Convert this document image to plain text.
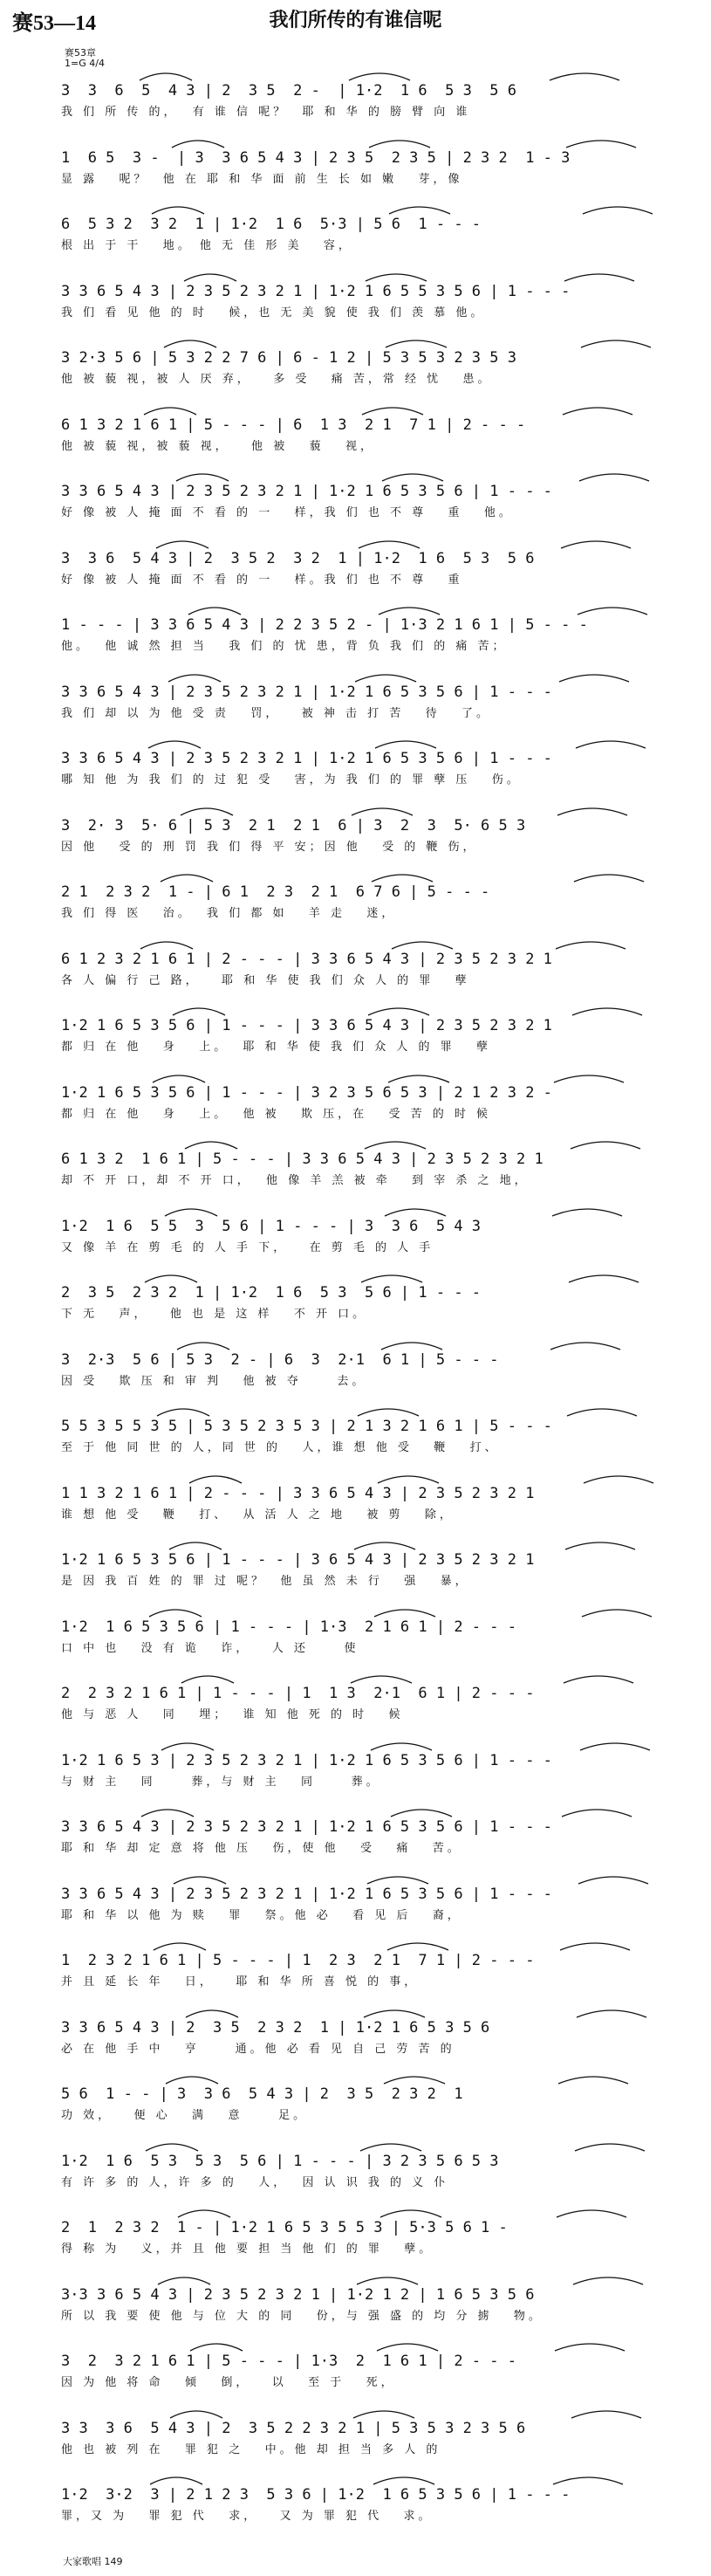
赛53—14	我们所传的有谁信呢
赛53章
1=G 4/4
3  3  6  5  4 3 | 2  3 5  2 -  | 1·2  1 6  5 3  5 6
我 们 所 传 的，  有 谁 信 呢？  耶 和 华 的 膀 臂 向 谁
1  6 5  3 -  | 3  3 6 5 4 3 | 2 3 5  2 3 5 | 2 3 2  1 - 3
显 露   呢？  他 在 耶 和 华 面 前 生 长 如 嫩   芽，像
6  5 3 2  3 2  1 | 1·2  1 6  5·3 | 5 6  1 - - -
根 出 于 干   地。 他 无 佳 形 美   容，
3 3 6 5 4 3 | 2 3 5 2 3 2 1 | 1·2 1 6 5 5 3 5 6 | 1 - - -
我 们 看 见 他 的 时   候，也 无 美 貌 使 我 们 羡 慕 他。
3 2·3 5 6 | 5 3 2 2 7 6 | 6 - 1 2 | 5 3 5 3 2 3 5 3
他 被 藐 视，被 人 厌 弃，   多 受   痛 苦，常 经 忧   患。
6 1 3 2 1 6 1 | 5 - - - | 6  1 3  2 1  7 1 | 2 - - -
他 被 藐 视，被 藐 视，   他 被   藐   视，
3 3 6 5 4 3 | 2 3 5 2 3 2 1 | 1·2 1 6 5 3 5 6 | 1 - - -
好 像 被 人 掩 面 不 看 的 一   样，我 们 也 不 尊   重   他。
3  3 6  5 4 3 | 2  3 5 2  3 2  1 | 1·2  1 6  5 3  5 6
好 像 被 人 掩 面 不 看 的 一   样。我 们 也 不 尊   重
1 - - - | 3 3 6 5 4 3 | 2 2 3 5 2 - | 1·3 2 1 6 1 | 5 - - -
他。  他 诚 然 担 当   我 们 的 忧 患，背 负 我 们 的 痛 苦；
3 3 6 5 4 3 | 2 3 5 2 3 2 1 | 1·2 1 6 5 3 5 6 | 1 - - -
我 们 却 以 为 他 受 责   罚，   被 神 击 打 苦   待   了。
3 3 6 5 4 3 | 2 3 5 2 3 2 1 | 1·2 1 6 5 3 5 6 | 1 - - -
哪 知 他 为 我 们 的 过 犯 受   害，为 我 们 的 罪 孽 压   伤。
3  2· 3  5· 6 | 5 3  2 1  2 1  6 | 3  2  3  5· 6 5 3
因 他   受 的 刑 罚 我 们 得 平 安；因 他   受 的 鞭 伤，
2 1  2 3 2  1 - | 6 1  2 3  2 1  6 7 6 | 5 - - -
我 们 得 医   治。  我 们 都 如   羊 走   迷，
6 1 2 3 2 1 6 1 | 2 - - - | 3 3 6 5 4 3 | 2 3 5 2 3 2 1
各 人 偏 行 己 路，   耶 和 华 使 我 们 众 人 的 罪   孽
1·2 1 6 5 3 5 6 | 1 - - - | 3 3 6 5 4 3 | 2 3 5 2 3 2 1
都 归 在 他   身   上。  耶 和 华 使 我 们 众 人 的 罪   孽
1·2 1 6 5 3 5 6 | 1 - - - | 3 2 3 5 6 5 3 | 2 1 2 3 2 -
都 归 在 他   身   上。  他 被   欺 压，在   受 苦 的 时 候
6 1 3 2  1 6 1 | 5 - - - | 3 3 6 5 4 3 | 2 3 5 2 3 2 1
却 不 开 口，却 不 开 口，  他 像 羊 羔 被 牵   到 宰 杀 之 地，
1·2  1 6  5 5  3  5 6 | 1 - - - | 3  3 6  5 4 3
又 像 羊 在 剪 毛 的 人 手 下，   在 剪 毛 的 人 手
2  3 5  2 3 2  1 | 1·2  1 6  5 3  5 6 | 1 - - -
下 无   声，   他 也 是 这 样   不 开 口。
3  2·3  5 6 | 5 3  2 - | 6  3  2·1  6 1 | 5 - - -
因 受   欺 压 和 审 判   他 被 夺     去。
5 5 3 5 5 3 5 | 5 3 5 2 3 5 3 | 2 1 3 2 1 6 1 | 5 - - -
至 于 他 同 世 的 人，同 世 的   人，谁 想 他 受   鞭   打、
1 1 3 2 1 6 1 | 2 - - - | 3 3 6 5 4 3 | 2 3 5 2 3 2 1
谁 想 他 受   鞭   打、  从 活 人 之 地   被 剪   除，
1·2 1 6 5 3 5 6 | 1 - - - | 3 6 5 4 3 | 2 3 5 2 3 2 1
是 因 我 百 姓 的 罪 过 呢？  他 虽 然 未 行   强   暴，
1·2  1 6 5 3 5 6 | 1 - - - | 1·3  2 1 6 1 | 2 - - -
口 中 也   没 有 诡   诈，   人 还     使
2  2 3 2 1 6 1 | 1 - - - | 1  1 3  2·1  6 1 | 2 - - -
他 与 恶 人   同   埋；  谁 知 他 死 的 时   候
1·2 1 6 5 3 | 2 3 5 2 3 2 1 | 1·2 1 6 5 3 5 6 | 1 - - -
与 财 主   同     葬，与 财 主   同     葬。
3 3 6 5 4 3 | 2 3 5 2 3 2 1 | 1·2 1 6 5 3 5 6 | 1 - - -
耶 和 华 却 定 意 将 他 压   伤，使 他   受   痛   苦。
3 3 6 5 4 3 | 2 3 5 2 3 2 1 | 1·2 1 6 5 3 5 6 | 1 - - -
耶 和 华 以 他 为 赎   罪   祭。他 必   看 见 后   裔，
1  2 3 2 1 6 1 | 5 - - - | 1  2 3  2 1  7 1 | 2 - - -
并 且 延 长 年   日，   耶 和 华 所 喜 悦 的 事，
3 3 6 5 4 3 | 2  3 5  2 3 2  1 | 1·2 1 6 5 3 5 6
必 在 他 手 中   亨     通。他 必 看 见 自 己 劳 苦 的
5 6  1 - - | 3  3 6  5 4 3 | 2  3 5  2 3 2  1
功 效，   便 心   满   意     足。
1·2  1 6  5 3  5 3  5 6 | 1 - - - | 3 2 3 5 6 5 3
有 许 多 的 人，许 多 的   人，  因 认 识 我 的 义 仆
2  1  2 3 2  1 - | 1·2 1 6 5 3 5 5 3 | 5·3 5 6 1 -
得 称 为   义，并 且 他 要 担 当 他 们 的 罪   孽。
3·3 3 6 5 4 3 | 2 3 5 2 3 2 1 | 1·2 1 2 | 1 6 5 3 5 6
所 以 我 要 使 他 与 位 大 的 同   份，与 强 盛 的 均 分 掳   物。
3  2  3 2 1 6 1 | 5 - - - | 1·3  2  1 6 1 | 2 - - -
因 为 他 将 命   倾   倒，   以   至 于   死，
3 3  3 6  5 4 3 | 2  3 5 2 2 3 2 1 | 5 3 5 3 2 3 5 6
他 也 被 列 在   罪 犯 之   中。他 却 担 当 多 人 的
1·2  3·2  3 | 2 1 2 3  5 3 6 | 1·2  1 6 5 3 5 6 | 1 - - -
罪，又 为   罪 犯 代   求，   又 为 罪 犯 代   求。
大家歌唱 149
